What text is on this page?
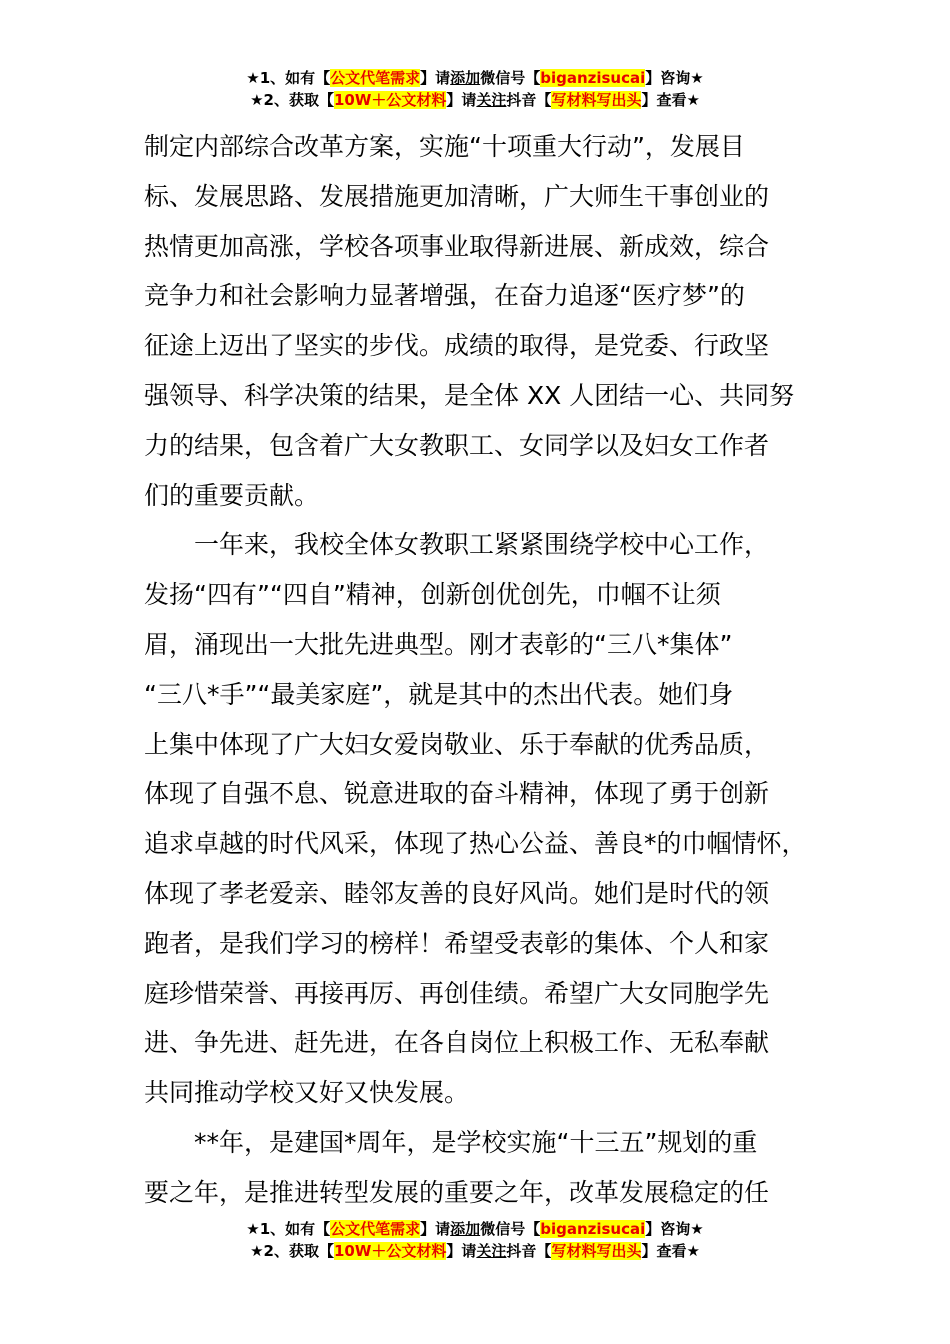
★1、如有【公文代笔需求】请添加微信号【biganzisucai】咨询★
★2、获取【10W＋公文材料】请关注抖音【写材料写出头】查看★
制定内部综合改革方案，实施“十项重大行动”，发展目
标、发展思路、发展措施更加清晰，广大师生干事创业的
热情更加高涨，学校各项事业取得新进展、新成效，综合
竞争力和社会影响力显著增强，在奋力追逐“医疗梦”的
征途上迈出了坚实的步伐。成绩的取得，是党委、行政坚
强领导、科学决策的结果，是全体 XX 人团结一心、共同努
力的结果，包含着广大女教职工、女同学以及妇女工作者
们的重要贡献。
　　一年来，我校全体女教职工紧紧围绕学校中心工作，
发扬“四有”“四自”精神，创新创优创先，巾帼不让须
眉，涌现出一大批先进典型。刚才表彰的“三八*集体”
“三八*手”“最美家庭”，就是其中的杰出代表。她们身
上集中体现了广大妇女爱岗敬业、乐于奉献的优秀品质，
体现了自强不息、锐意进取的奋斗精神，体现了勇于创新
追求卓越的时代风采，体现了热心公益、善良*的巾帼情怀，
体现了孝老爱亲、睦邻友善的良好风尚。她们是时代的领
跑者，是我们学习的榜样！希望受表彰的集体、个人和家
庭珍惜荣誉、再接再厉、再创佳绩。希望广大女同胞学先
进、争先进、赶先进，在各自岗位上积极工作、无私奉献
共同推动学校又好又快发展。
　　**年，是建国*周年，是学校实施“十三五”规划的重
要之年，是推进转型发展的重要之年，改革发展稳定的任
★1、如有【公文代笔需求】请添加微信号【biganzisucai】咨询★
★2、获取【10W＋公文材料】请关注抖音【写材料写出头】查看★
